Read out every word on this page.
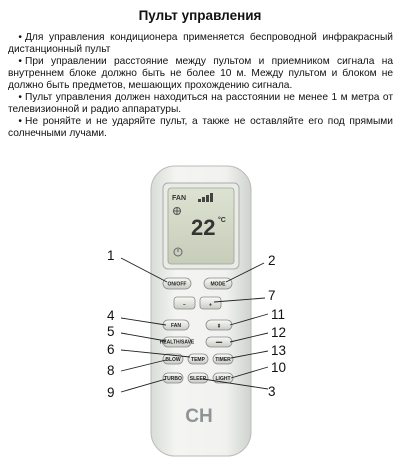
Пульт управления
• Для управления кондиционера применяется беспроводной инфракрасный дистанционный пульт
• При управлении расстояние между пультом и приемником сигнала на внутреннем блоке должно быть не более 10 м. Между пультом и блоком не должно быть предметов, мешающих прохождению сигнала.
• Пульт управления должен находиться на расстоянии не менее 1 м метра от телевизионной и радио аппаратуры.
• Не роняйте и не ударяйте пульт, а также не оставляйте его под прямыми солнечными лучами.
FAN
22 °C
ON/OFF	MODE
−	+
FAN	⇕
HEALTH/SAVE	━━
BLOW TEMP TIMER
TURBO SLEEP LIGHT
CH
1	2
7
4
5
6
8
9
11
12
13
10
3
